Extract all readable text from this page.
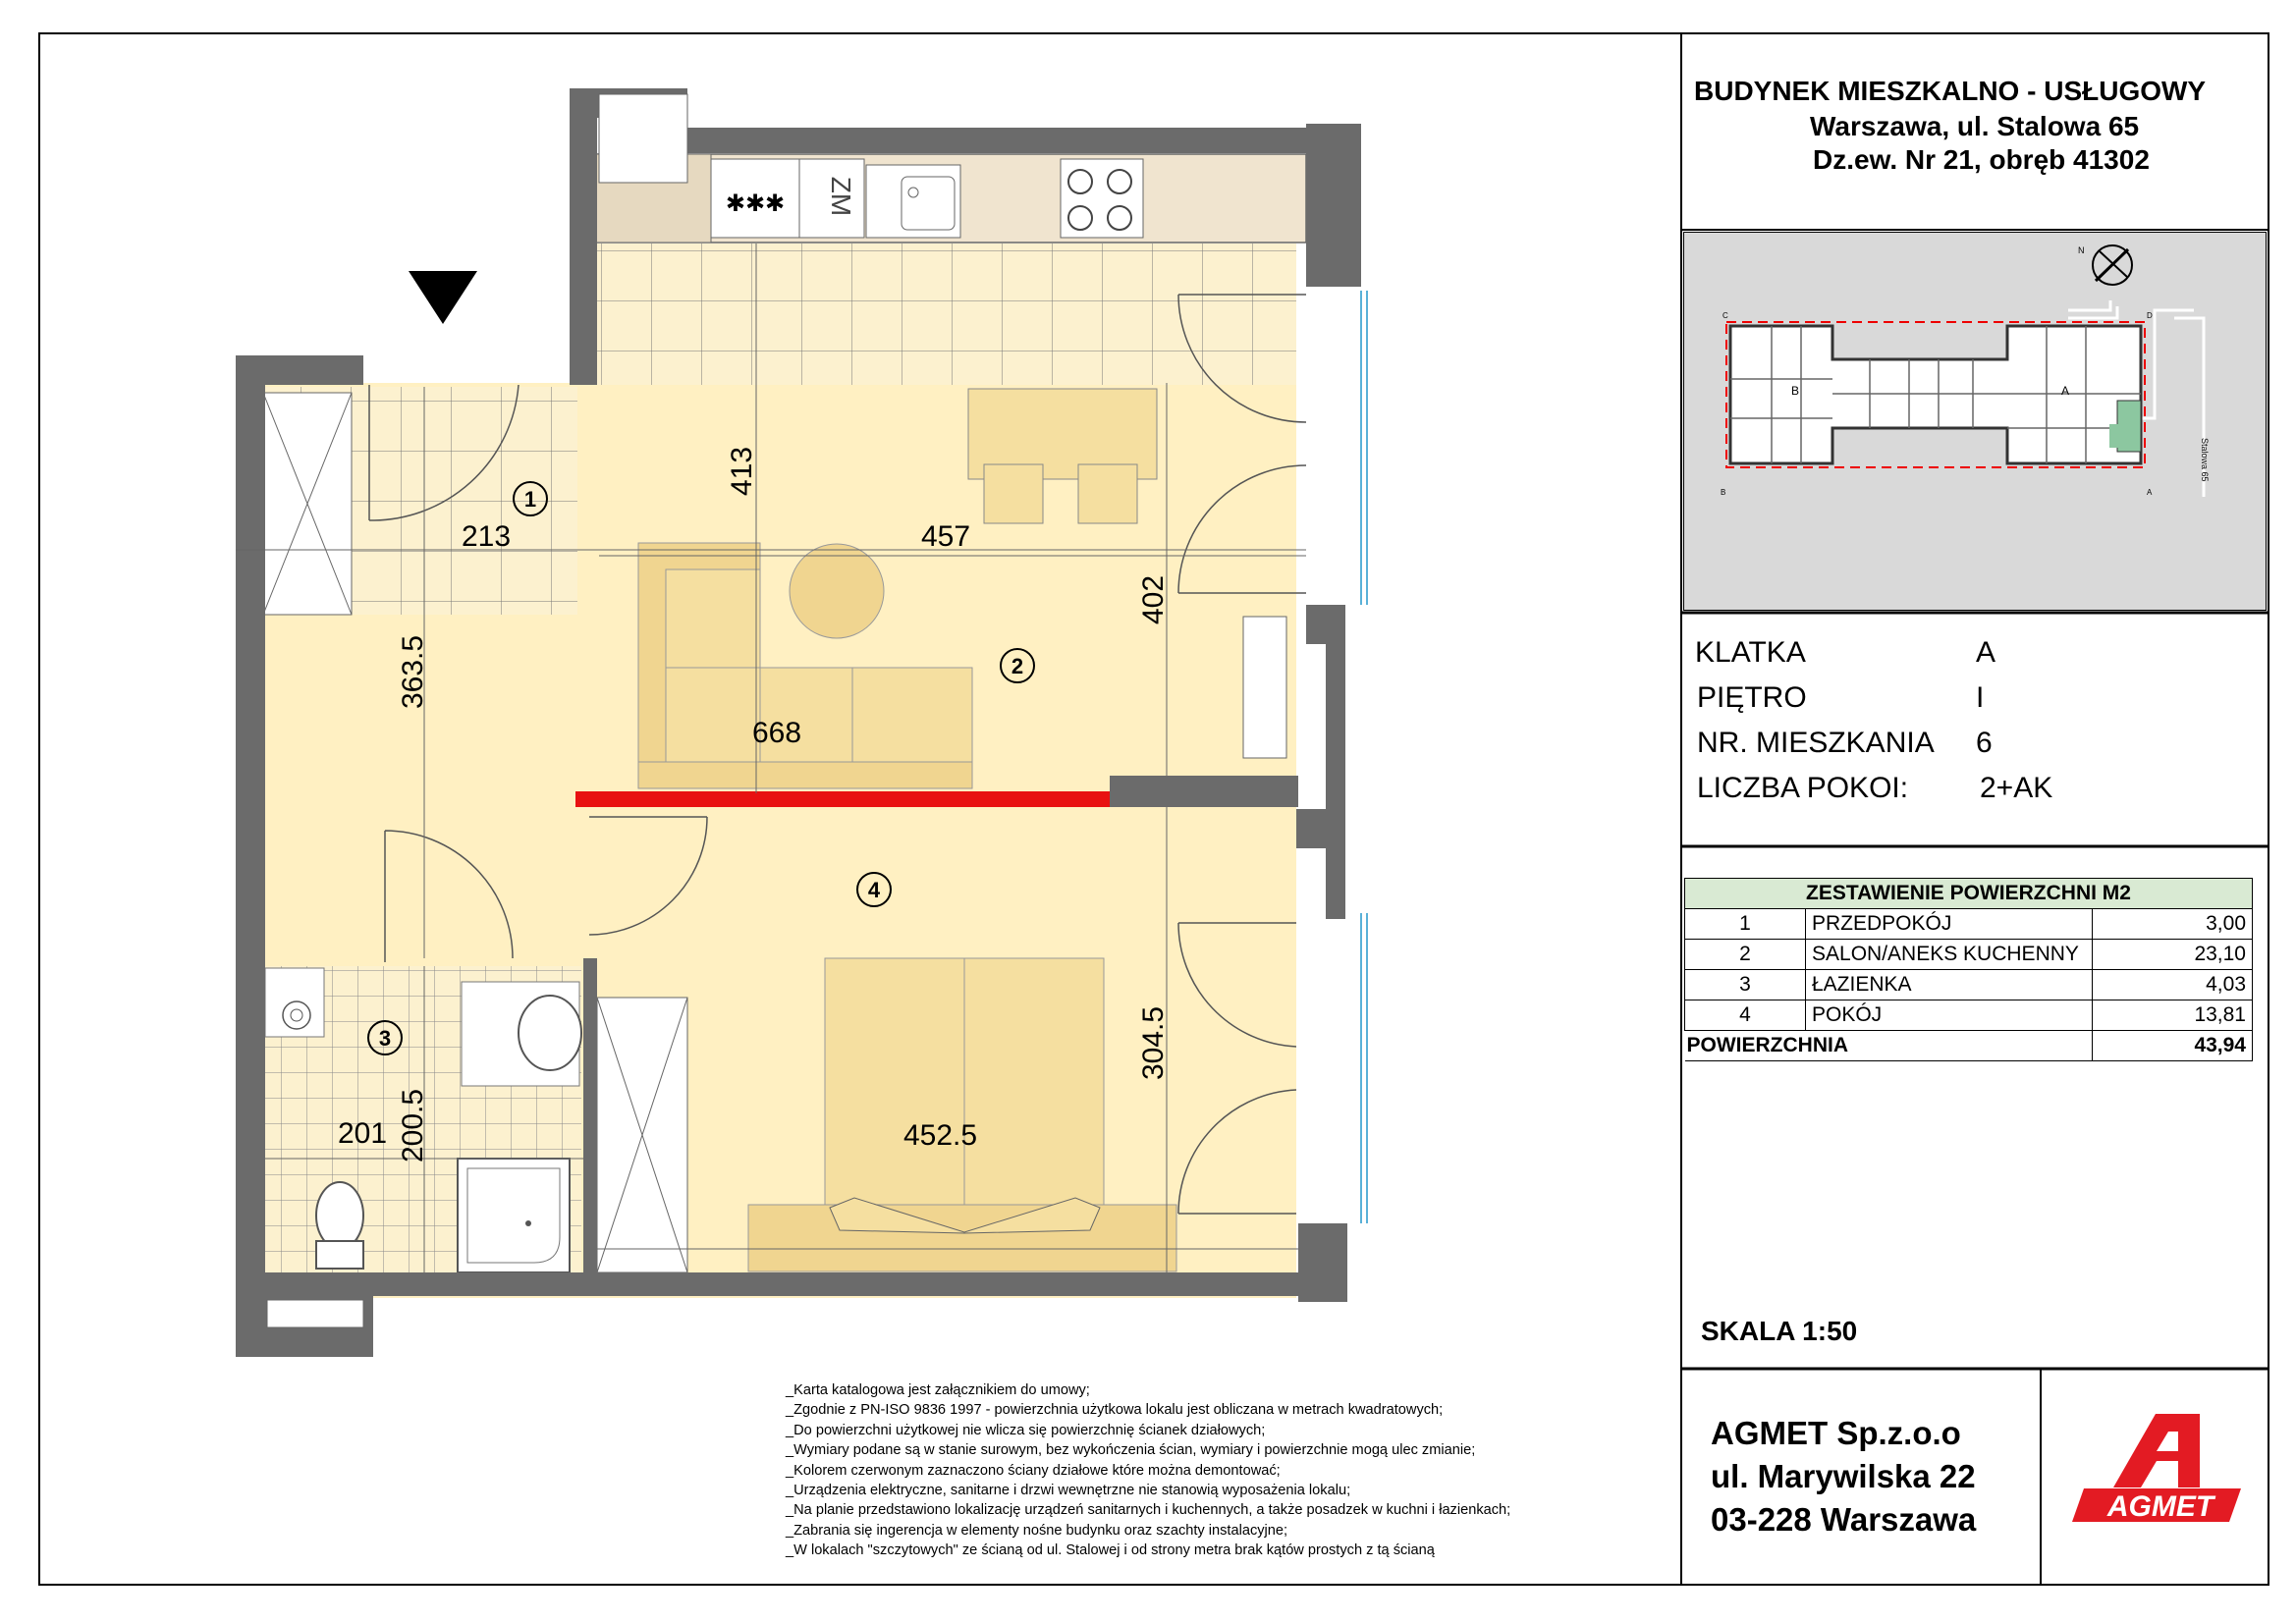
BUDYNEK MIESZKALNO - USŁUGOWY
Warszawa, ul. Stalowa 65
Dz.ew. Nr 21, obręb 41302
N
Stalowa 65
B	A
C	D
B	A
KLATKA	A
PIĘTRO	I
NR. MIESZKANIA 6
LICZBA POKOI: 2+AK
ZESTAWIENIE POWIERZCHNI M2		
1	PRZEDPOKÓJ	3,00
2	SALON/ANEKS KUCHENNY	23,10
3	ŁAZIENKA	4,03
4	POKÓJ	13,81
POWIERZCHNIA		43,94
SKALA 1:50
AGMET Sp.z.o.o
ul. Marywilska 22
03-228 Warszawa	AGMET
_Karta katalogowa jest załącznikiem do umowy;
_Zgodnie z PN-ISO 9836 1997 - powierzchnia użytkowa lokalu jest obliczana w metrach kwadratowych;
_Do powierzchni użytkowej nie wlicza się powierzchnię ścianek działowych;
_Wymiary podane są w stanie surowym, bez wykończenia ścian, wymiary i powierzchnie mogą ulec zmianie;
_Kolorem czerwonym zaznaczono ściany działowe które można demontować;
_Urządzenia elektryczne, sanitarne i drzwi wewnętrzne nie stanowią wyposażenia lokalu;
_Na planie przedstawiono lokalizację urządzeń sanitarnych i kuchennych, a także posadzek w kuchni i łazienkach;
_Zabrania się ingerencja w elementy nośne budynku oraz szachty instalacyjne;
_W lokalach "szczytowych" ze ścianą od ul. Stalowej i od strony metra brak kątów prostych z tą ścianą
✱✱✱ ZM
1
2
3
4
213	457
668
201	452.5
413
402
363.5
200.5
304.5
